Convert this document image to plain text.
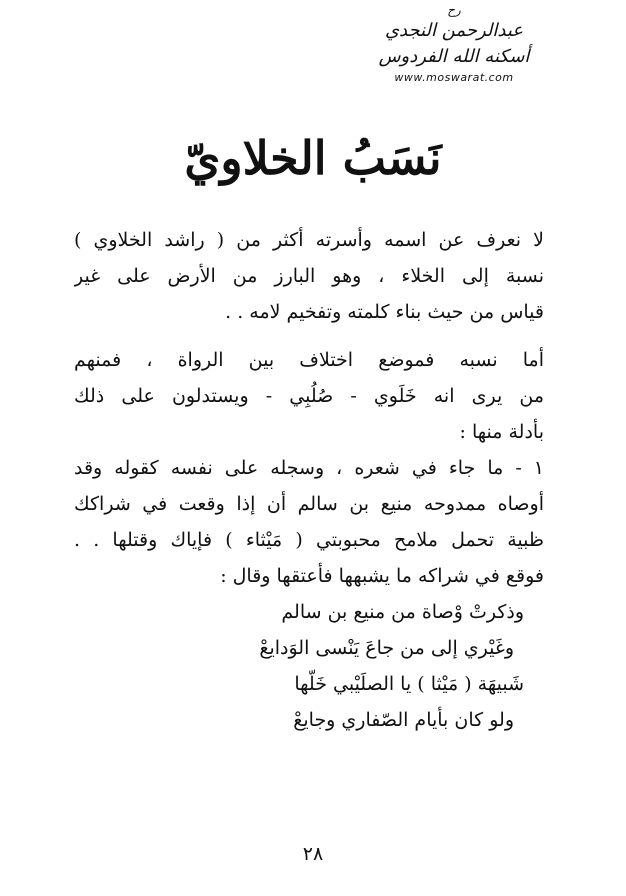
رح
عبدالرحمن النجدي
أسكنه الله الفردوس
www.moswarat.com
نَسَبُ الخلاويّ
لا نعرف عن اسمه وأسرته أكثر من ( راشد الخلاوي )
نسبة إلى الخلاء ، وهو البارز من الأرض على غير
قياس من حيث بناء كلمته وتفخيم لامه . .
أما نسبه فموضع اختلاف بين الرواة ، فمنهم
من يرى انه خَلَوي - صُلُبِي - ويستدلون على ذلك
بأدلة منها :
١ - ما جاء في شعره ، وسجله على نفسه كقوله وقد
أوصاه ممدوحه منيع بن سالم أن إذا وقعت في شراكك
ظبية تحمل ملامح محبوبتي ( مَيْثاء ) فإياك وقتلها . .
فوقع في شراكه ما يشبهها فأعتقها وقال :
وذكرتْ وْصاة من منيع بن سالم
وغَيْري إلى من جاعَ يَنْسى الوَدايعْ
شَبيهَة ( مَيْثا ) يا الصلَيْبي خَلّها
ولو كان بأيام الصّفاري وجايعْ
٢٨
